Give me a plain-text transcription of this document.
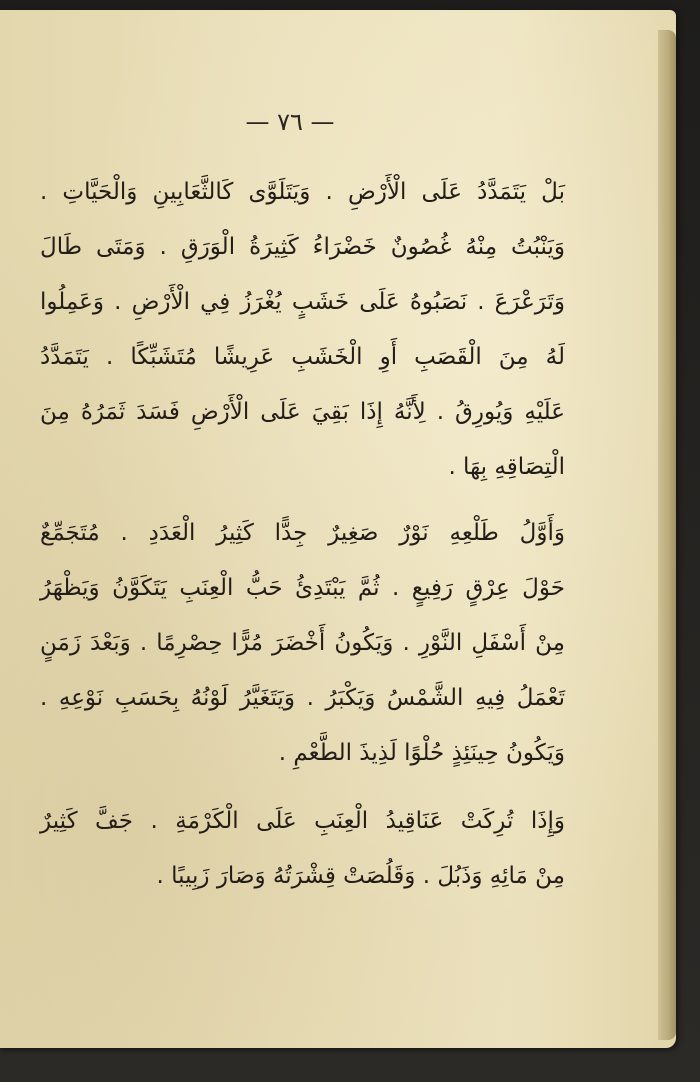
— ٧٦ —
بَلْ يَتَمَدَّدُ عَلَى الْأَرْضِ . وَيَتَلَوَّى كَالثَّعَابِينِ وَالْحَيَّاتِ .
وَيَنْبُتُ مِنْهُ غُصُونٌ خَضْرَاءُ كَثِيرَةُ الْوَرَقِ . وَمَتَى طَالَ
وَتَرَعْرَعَ . نَصَبُوهُ عَلَى خَشَبٍ يُغْرَزُ فِي الْأَرْضِ . وَعَمِلُوا
لَهُ مِنَ الْقَصَبِ أَوِ الْخَشَبِ عَرِيشًا مُتَشَبِّكًا . يَتَمَدَّدُ
عَلَيْهِ وَيُورِقُ . لِأَنَّهُ إِذَا بَقِيَ عَلَى الْأَرْضِ فَسَدَ ثَمَرُهُ مِنَ
الْتِصَاقِهِ بِهَا .
وَأَوَّلُ طَلْعِهِ نَوْرٌ صَغِيرٌ جِدًّا كَثِيرُ الْعَدَدِ . مُتَجَمِّعٌ
حَوْلَ عِرْقٍ رَفِيعٍ . ثُمَّ يَبْتَدِئُ حَبُّ الْعِنَبِ يَتَكَوَّنُ وَيَظْهَرُ
مِنْ أَسْفَلِ النَّوْرِ . وَيَكُونُ أَخْضَرَ مُرًّا حِصْرِمًا . وَبَعْدَ زَمَنٍ
تَعْمَلُ فِيهِ الشَّمْسُ وَيَكْبَرُ . وَيَتَغَيَّرُ لَوْنُهُ بِحَسَبِ نَوْعِهِ .
وَيَكُونُ حِينَئِذٍ حُلْوًا لَذِيذَ الطَّعْمِ .
وَإِذَا تُرِكَتْ عَنَاقِيدُ الْعِنَبِ عَلَى الْكَرْمَةِ . جَفَّ كَثِيرٌ
مِنْ مَائِهِ وَذَبُلَ . وَقَلُصَتْ قِشْرَتُهُ وَصَارَ زَبِيبًا .
